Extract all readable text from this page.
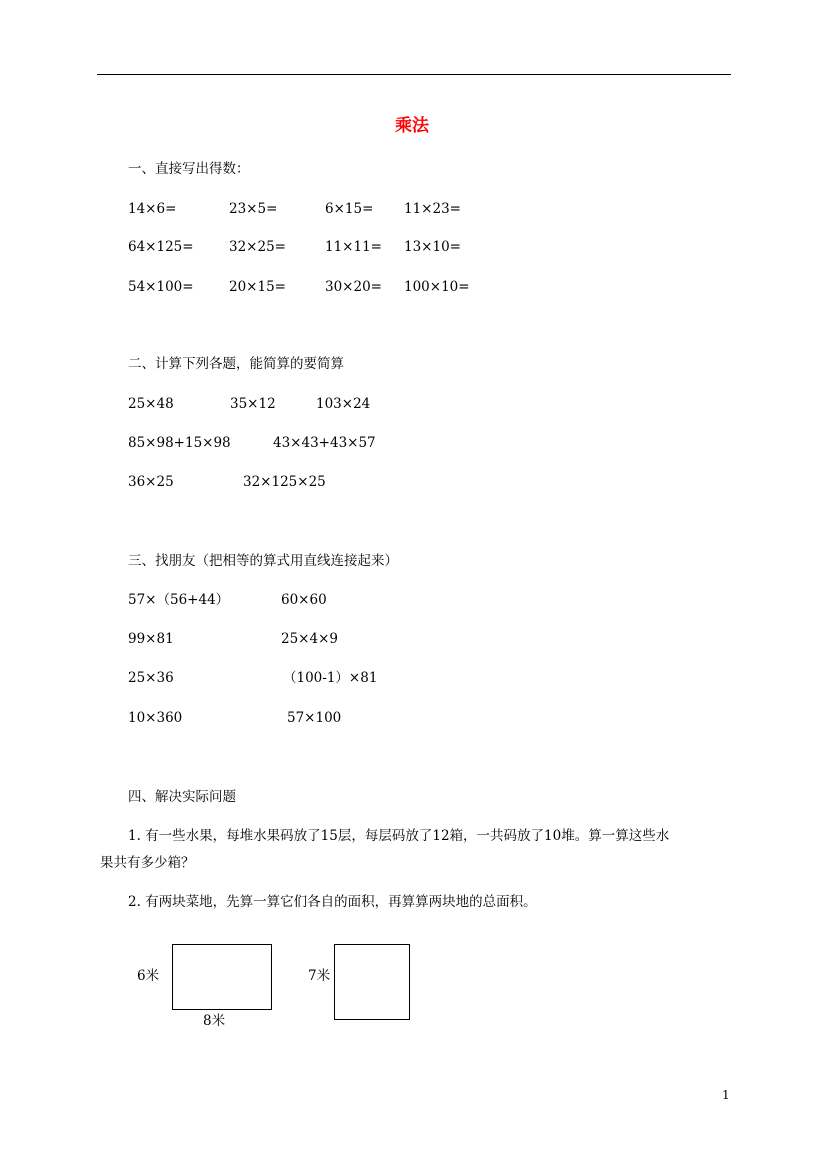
乘法
一、直接写出得数：
14×6=	23×5=	6×15= 11×23=
64×125=	32×25=	11×11= 13×10=
54×100=	20×15=	30×20= 100×10=
二、计算下列各题，能简算的要简算
25×48	35×12	103×24
85×98+15×98	43×43+43×57
36×25	32×125×25
三、找朋友（把相等的算式用直线连接起来）
57×（56+44）	60×60
99×81	25×4×9
25×36	（100-1）×81
10×360	57×100
四、解决实际问题
1. 有一些水果，每堆水果码放了15层，每层码放了12箱，一共码放了10堆。算一算这些水
果共有多少箱？
2. 有两块菜地，先算一算它们各自的面积，再算算两块地的总面积。
6米
8米
7米
1
